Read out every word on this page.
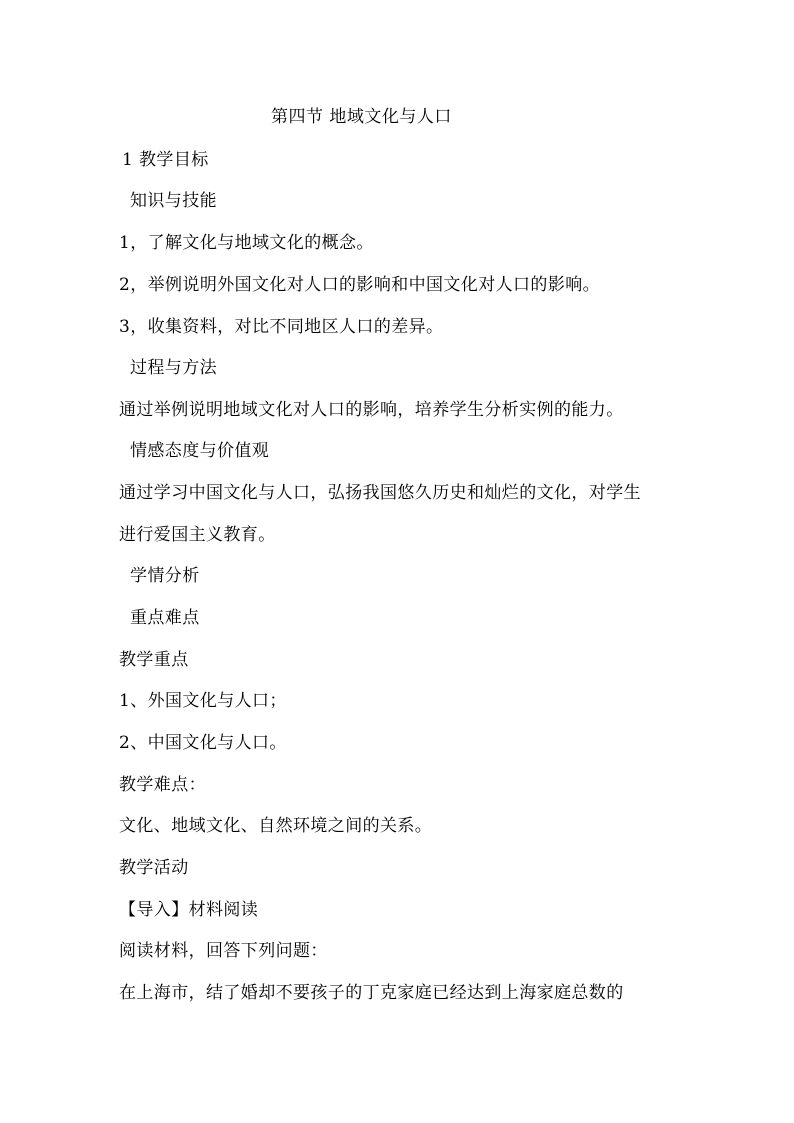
第四节 地域文化与人口
1 教学目标
知识与技能
1，了解文化与地域文化的概念。
2，举例说明外国文化对人口的影响和中国文化对人口的影响。
3，收集资料，对比不同地区人口的差异。
过程与方法
通过举例说明地域文化对人口的影响，培养学生分析实例的能力。
情感态度与价值观
通过学习中国文化与人口，弘扬我国悠久历史和灿烂的文化，对学生
进行爱国主义教育。
学情分析
重点难点
教学重点
1、外国文化与人口；
2、中国文化与人口。
教学难点：
文化、地域文化、自然环境之间的关系。
教学活动
【导入】材料阅读
阅读材料，回答下列问题：
在上海市，结了婚却不要孩子的丁克家庭已经达到上海家庭总数的
